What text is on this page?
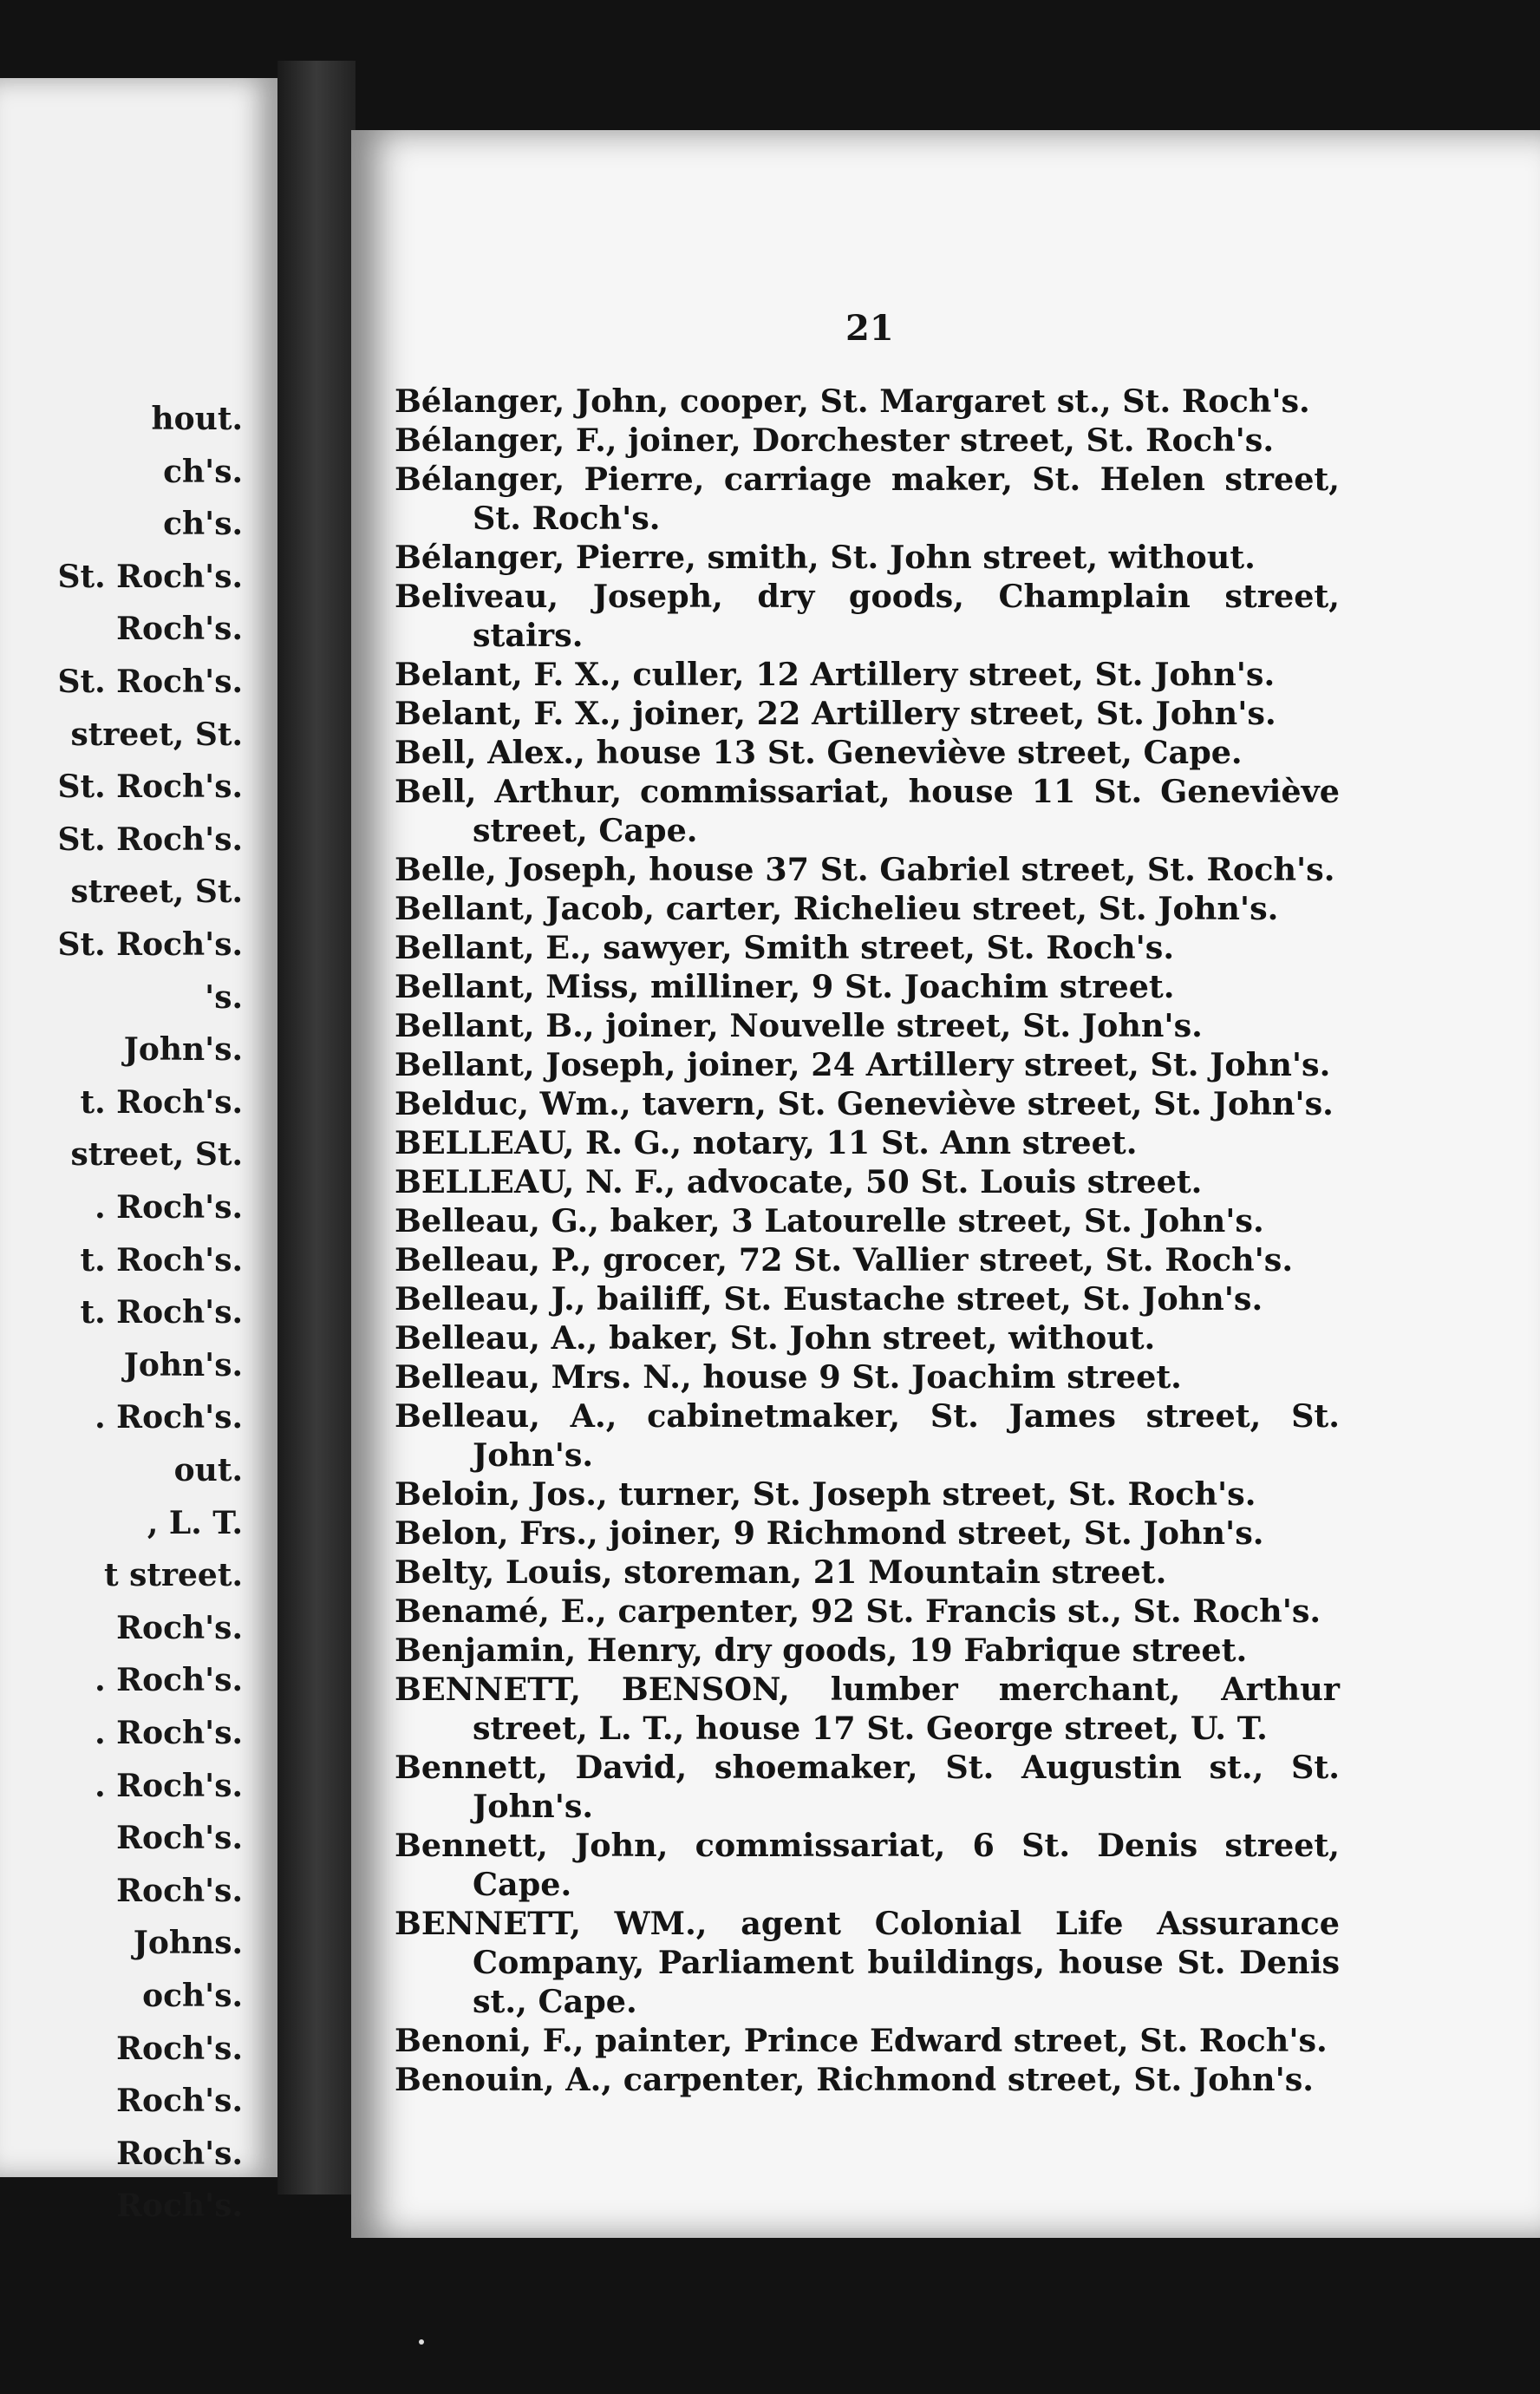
hout.
ch's.
ch's.
St. Roch's.
Roch's.
St. Roch's.
street, St.
St. Roch's.
St. Roch's.
street, St.
St. Roch's.
's.
John's.
t. Roch's.
street, St.
. Roch's.
t. Roch's.
t. Roch's.
John's.
. Roch's.
out.
, L. T.
t street.
Roch's.
. Roch's.
. Roch's.
. Roch's.
Roch's.
Roch's.
Johns.
och's.
Roch's.
Roch's.
Roch's.
Roch's.
21
Bélanger, John, cooper, St. Margaret st., St. Roch's.
Bélanger, F., joiner, Dorchester street, St. Roch's.
Bélanger, Pierre, carriage maker, St. Helen street, St. Roch's.
Bélanger, Pierre, smith, St. John street, without.
Beliveau, Joseph, dry goods, Champlain street, stairs.
Belant, F. X., culler, 12 Artillery street, St. John's.
Belant, F. X., joiner, 22 Artillery street, St. John's.
Bell, Alex., house 13 St. Geneviève street, Cape.
Bell, Arthur, commissariat, house 11 St. Geneviève street, Cape.
Belle, Joseph, house 37 St. Gabriel street, St. Roch's.
Bellant, Jacob, carter, Richelieu street, St. John's.
Bellant, E., sawyer, Smith street, St. Roch's.
Bellant, Miss, milliner, 9 St. Joachim street.
Bellant, B., joiner, Nouvelle street, St. John's.
Bellant, Joseph, joiner, 24 Artillery street, St. John's.
Belduc, Wm., tavern, St. Geneviève street, St. John's.
BELLEAU, R. G., notary, 11 St. Ann street.
BELLEAU, N. F., advocate, 50 St. Louis street.
Belleau, G., baker, 3 Latourelle street, St. John's.
Belleau, P., grocer, 72 St. Vallier street, St. Roch's.
Belleau, J., bailiff, St. Eustache street, St. John's.
Belleau, A., baker, St. John street, without.
Belleau, Mrs. N., house 9 St. Joachim street.
Belleau, A., cabinetmaker, St. James street, St. John's.
Beloin, Jos., turner, St. Joseph street, St. Roch's.
Belon, Frs., joiner, 9 Richmond street, St. John's.
Belty, Louis, storeman, 21 Mountain street.
Benamé, E., carpenter, 92 St. Francis st., St. Roch's.
Benjamin, Henry, dry goods, 19 Fabrique street.
BENNETT, BENSON, lumber merchant, Arthur street, L. T., house 17 St. George street, U. T.
Bennett, David, shoemaker, St. Augustin st., St. John's.
Bennett, John, commissariat, 6 St. Denis street, Cape.
BENNETT, WM., agent Colonial Life Assurance Company, Parliament buildings, house St. Denis st., Cape.
Benoni, F., painter, Prince Edward street, St. Roch's.
Benouin, A., carpenter, Richmond street, St. John's.
